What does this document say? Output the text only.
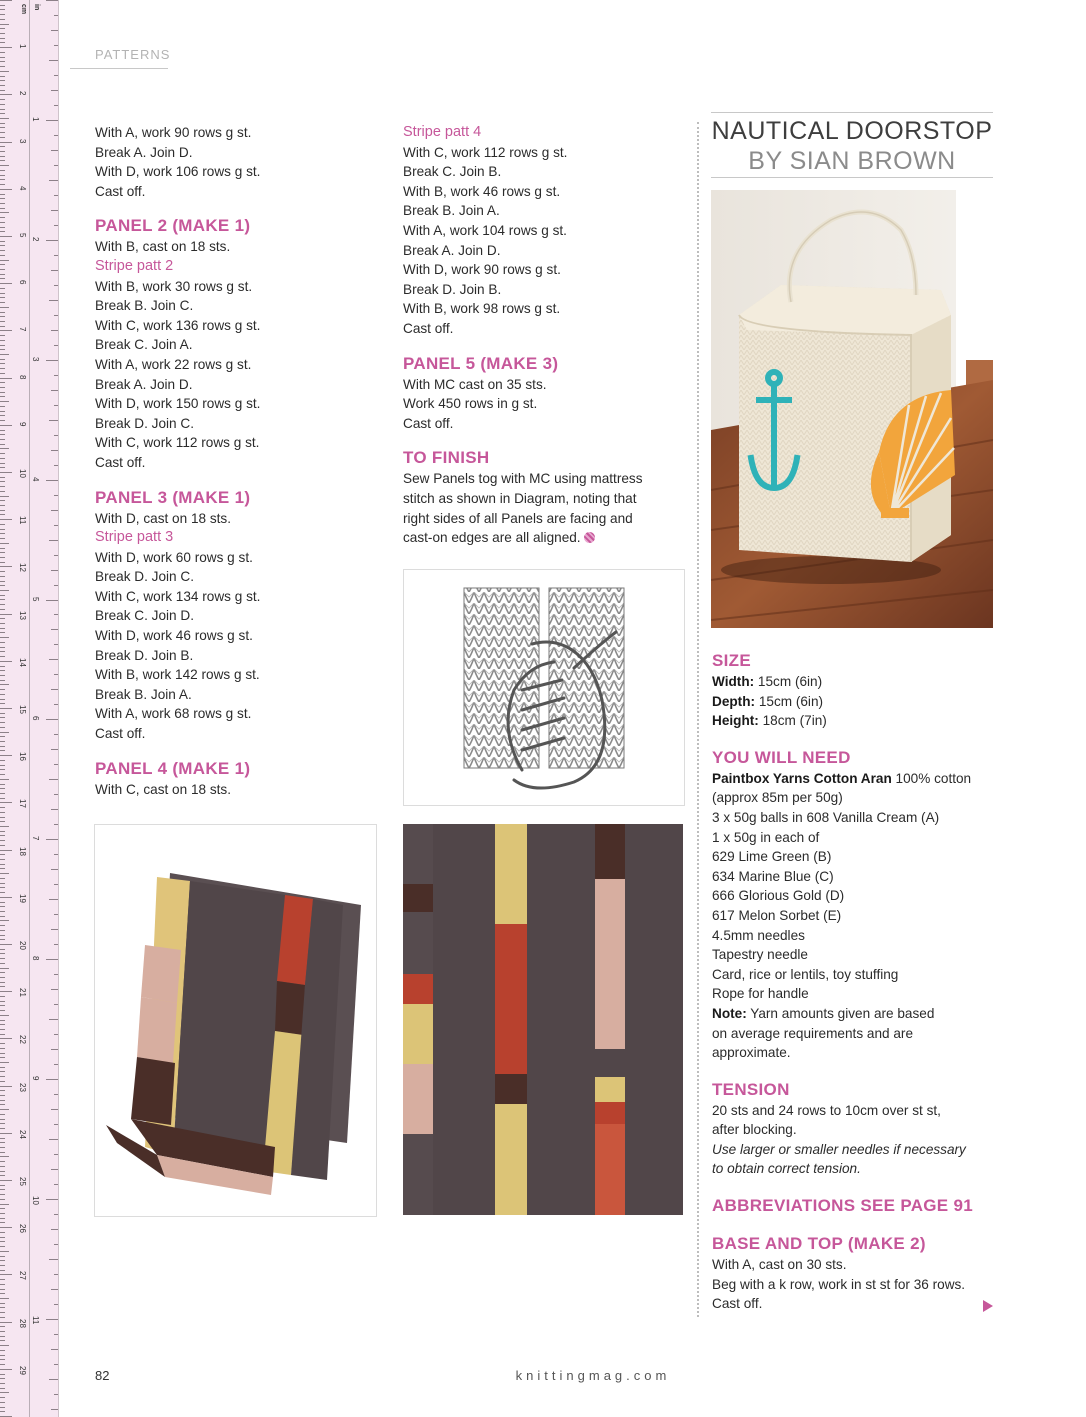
1
2
3
4
5
6
7
8
9
10
11
12
13
14
15
16
17
18
19
20
21
22
23
24
25
26
27
28
29
1
2
3
4
5
6
7
8
9
10
11
cm in
PATTERNS
With A, work 90 rows g st.
Break A. Join D.
With D, work 106 rows g st.
Cast off.
PANEL 2 (MAKE 1)
With B, cast on 18 sts.
Stripe patt 2
With B, work 30 rows g st.
Break B. Join C.
With C, work 136 rows g st.
Break C. Join A.
With A, work 22 rows g st.
Break A. Join D.
With D, work 150 rows g st.
Break D. Join C.
With C, work 112 rows g st.
Cast off.
PANEL 3 (MAKE 1)
With D, cast on 18 sts.
Stripe patt 3
With D, work 60 rows g st.
Break D. Join C.
With C, work 134 rows g st.
Break C. Join D.
With D, work 46 rows g st.
Break D. Join B.
With B, work 142 rows g st.
Break B. Join A.
With A, work 68 rows g st.
Cast off.
PANEL 4 (MAKE 1)
With C, cast on 18 sts.
Stripe patt 4
With C, work 112 rows g st.
Break C. Join B.
With B, work 46 rows g st.
Break B. Join A.
With A, work 104 rows g st.
Break A. Join D.
With D, work 90 rows g st.
Break D. Join B.
With B, work 98 rows g st.
Cast off.
PANEL 5 (MAKE 3)
With MC cast on 35 sts.
Work 450 rows in g st.
Cast off.
TO FINISH
Sew Panels tog with MC using mattress
stitch as shown in Diagram, noting that
right sides of all Panels are facing and
cast-on edges are all aligned.
NAUTICAL DOORSTOP
BY SIAN BROWN
SIZE
Width: 15cm (6in)
Depth: 15cm (6in)
Height: 18cm (7in)
YOU WILL NEED
Paintbox Yarns Cotton Aran 100% cotton
(approx 85m per 50g)
3 x 50g balls in 608 Vanilla Cream (A)
1 x 50g in each of
629 Lime Green (B)
634 Marine Blue (C)
666 Glorious Gold (D)
617 Melon Sorbet (E)
4.5mm needles
Tapestry needle
Card, rice or lentils, toy stuffing
Rope for handle
Note: Yarn amounts given are based
on average requirements and are
approximate.
TENSION
20 sts and 24 rows to 10cm over st st,
after blocking.
Use larger or smaller needles if necessary
to obtain correct tension.
ABBREVIATIONS SEE PAGE 91
BASE AND TOP (MAKE 2)
With A, cast on 30 sts.
Beg with a k row, work in st st for 36 rows.
Cast off.
82	knittingmag.com
